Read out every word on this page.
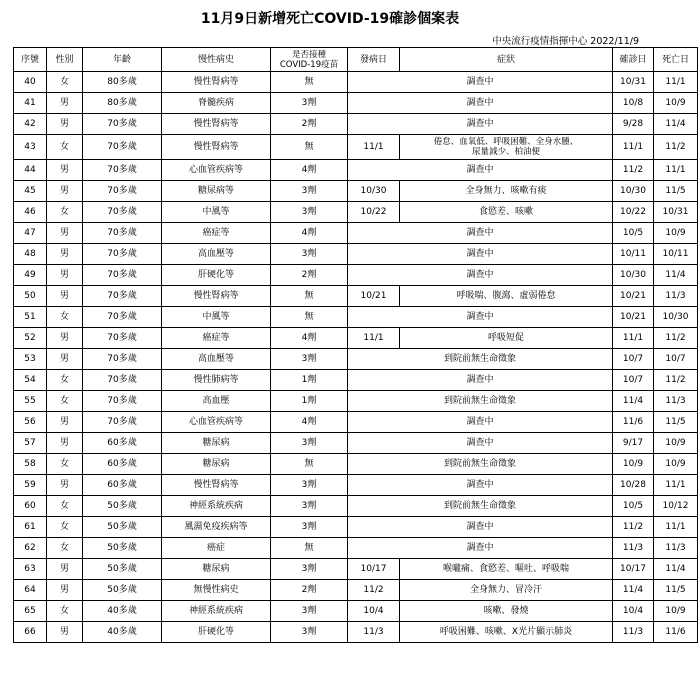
11月9日新增死亡COVID-19確診個案表
中央流行疫情指揮中心 2022/11/9
序號	性別	年齡	慢性病史	是否接種
COVID-19疫苗	發病日	症狀	確診日	死亡日
40	女	80多歲	慢性腎病等	無	調查中		10/31	11/1
41	男	80多歲	脊髓疾病	3劑	調查中		10/8	10/9
42	男	70多歲	慢性腎病等	2劑	調查中		9/28	11/4
43	女	70多歲	慢性腎病等	無	11/1	倦怠、血氧低、呼吸困難、全身水腫、
尿量減少、柏油便	11/1	11/2
44	男	70多歲	心血管疾病等	4劑	調查中		11/2	11/1
45	男	70多歲	糖尿病等	3劑	10/30	全身無力、咳嗽有痰	10/30	11/5
46	女	70多歲	中風等	3劑	10/22	食慾差、咳嗽	10/22	10/31
47	男	70多歲	癌症等	4劑	調查中		10/5	10/9
48	男	70多歲	高血壓等	3劑	調查中		10/11	10/11
49	男	70多歲	肝硬化等	2劑	調查中		10/30	11/4
50	男	70多歲	慢性腎病等	無	10/21	呼吸喘、腹瀉、虛弱倦怠	10/21	11/3
51	女	70多歲	中風等	無	調查中		10/21	10/30
52	男	70多歲	癌症等	4劑	11/1	呼吸短促	11/1	11/2
53	男	70多歲	高血壓等	3劑	到院前無生命徵象		10/7	10/7
54	女	70多歲	慢性肺病等	1劑	調查中		10/7	11/2
55	女	70多歲	高血壓	1劑	到院前無生命徵象		11/4	11/3
56	男	70多歲	心血管疾病等	4劑	調查中		11/6	11/5
57	男	60多歲	糖尿病	3劑	調查中		9/17	10/9
58	女	60多歲	糖尿病	無	到院前無生命徵象		10/9	10/9
59	男	60多歲	慢性腎病等	3劑	調查中		10/28	11/1
60	女	50多歲	神經系統疾病	3劑	到院前無生命徵象		10/5	10/12
61	女	50多歲	風濕免疫疾病等	3劑	調查中		11/2	11/1
62	女	50多歲	癌症	無	調查中		11/3	11/3
63	男	50多歲	糖尿病	3劑	10/17	喉嚨痛、食慾差、嘔吐、呼吸喘	10/17	11/4
64	男	50多歲	無慢性病史	2劑	11/2	全身無力、冒冷汗	11/4	11/5
65	女	40多歲	神經系統疾病	3劑	10/4	咳嗽、發燒	10/4	10/9
66	男	40多歲	肝硬化等	3劑	11/3	呼吸困難、咳嗽、X光片顯示肺炎	11/3	11/6
